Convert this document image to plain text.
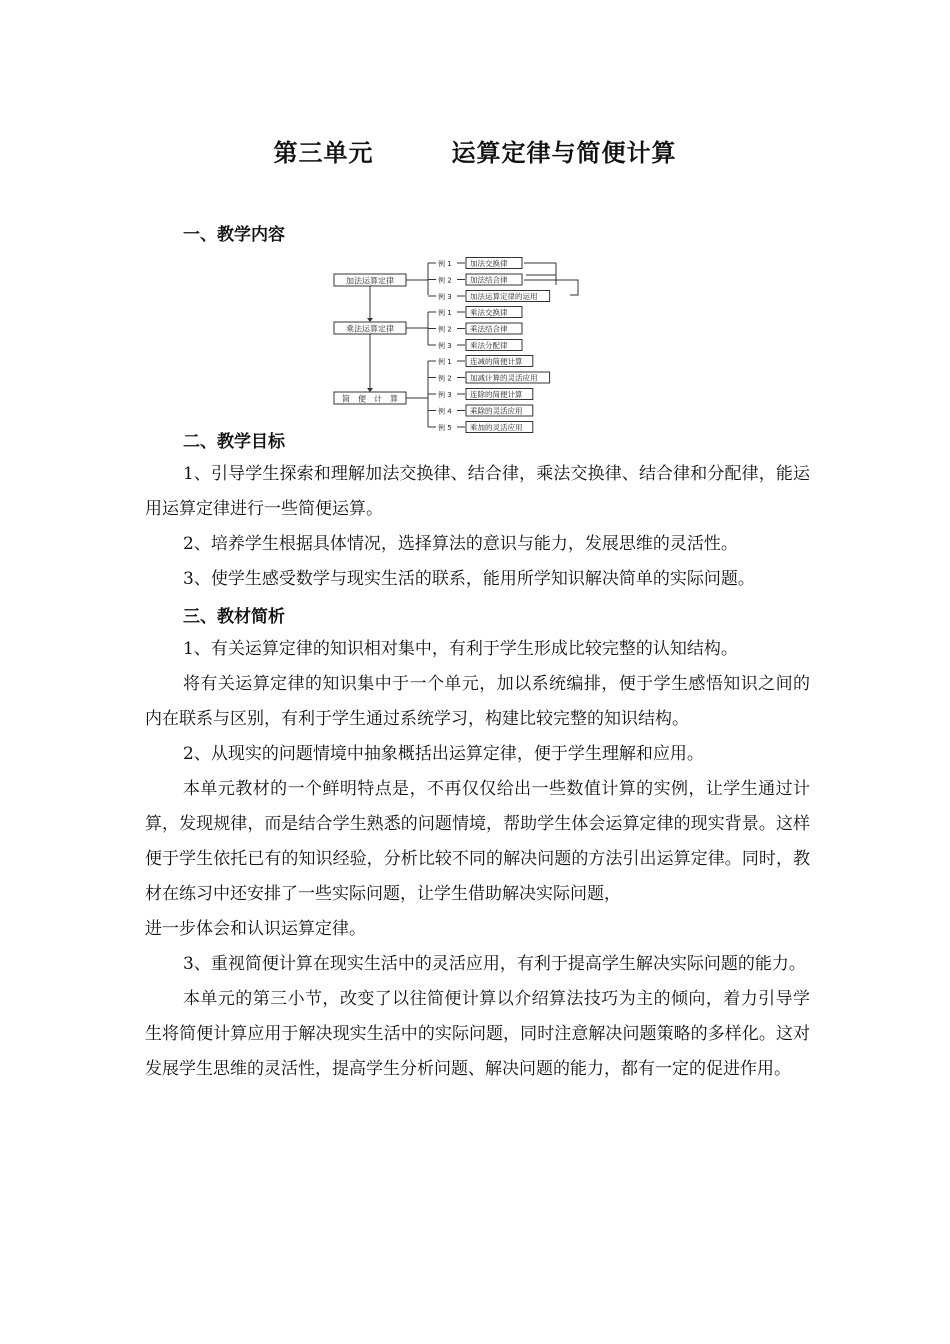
第三单元	运算定律与简便计算
一、教学内容
加法运算定律
例 1 加法交换律
例 2 加法结合律
例 3 加法运算定律的运用
乘法运算定律
例 1 乘法交换律
例 2 乘法结合律
例 3 乘法分配律
简　便　计　算
例 1 连减的简便计算
例 2 加减计算的灵活应用
例 3 连除的简便计算
例 4 乘除的灵活应用
例 5 乘加的灵活应用
二、教学目标

1、引导学生探索和理解加法交换律、结合律，乘法交换律、结合律和分配律，能运用运算定律进行一些简便运算。

2、培养学生根据具体情况，选择算法的意识与能力，发展思维的灵活性。

3、使学生感受数学与现实生活的联系，能用所学知识解决简单的实际问题。

三、教材简析

1、有关运算定律的知识相对集中，有利于学生形成比较完整的认知结构。

将有关运算定律的知识集中于一个单元，加以系统编排，便于学生感悟知识之间的内在联系与区别，有利于学生通过系统学习，构建比较完整的知识结构。

2、从现实的问题情境中抽象概括出运算定律，便于学生理解和应用。

本单元教材的一个鲜明特点是，不再仅仅给出一些数值计算的实例，让学生通过计算，发现规律，而是结合学生熟悉的问题情境，帮助学生体会运算定律的现实背景。这样便于学生依托已有的知识经验，分析比较不同的解决问题的方法引出运算定律。同时，教材在练习中还安排了一些实际问题，让学生借助解决实际问题，

进一步体会和认识运算定律。

3、重视简便计算在现实生活中的灵活应用，有利于提高学生解决实际问题的能力。

本单元的第三小节，改变了以往简便计算以介绍算法技巧为主的倾向，着力引导学生将简便计算应用于解决现实生活中的实际问题，同时注意解决问题策略的多样化。这对发展学生思维的灵活性，提高学生分析问题、解决问题的能力，都有一定的促进作用。
